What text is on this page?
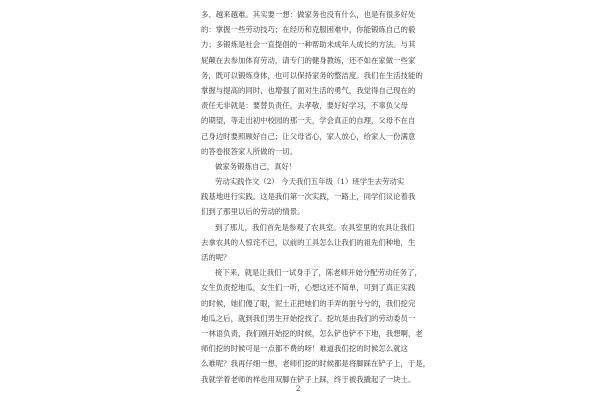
多、越来越难。其实要一想：做家务也没有什么，也是有很多好处
的：掌握一些劳动技巧；在经历和克服困难中，你能锻炼自己的毅
力；多锻炼是社会一直提倡的一种帮助未成年人成长的方法。与其
屁颠在去参加体育劳动，请专门的健身教练，还不如在家做一些家
务，既可以锻炼身体，也可以保持家务的整洁度。我们在生活技能的
掌握与提高的同时，也增强了面对生活的勇气，我觉得自己现在的
责任无非就是：要替负责任，去孝敬，要好好学习，不辜负父母
的期望，等走出初中校园的那一天，学会真正的自理，父母不在自
己身边时要照顾好自己；让父母省心，家人放心，给家人一份满意
的答卷报答家人所做的一切。
做家务锻炼自己，真好！
劳动实践作文（2） 今天我们五年级（1）班学生去劳动实
践基地进行实践。这是我们第一次实践，一路上，同学们议论着我
们到了那里以后的劳动的情景。
到了那儿，我们首先是参观了农具室。农具室里的农具让我们
去拿农具的人惊诧不已，以前的工具怎么让我们的祖先们种地，生
活的呢？
接下来，就是让我们一试身手了，陈老师开始分配劳动任务了，
女生负责挖地瓜，女生们一听，心想这还不简单，可到了真正实践
的时候，她们傻了眼，泥土正把她们的手弄的脏兮兮的，我们挖完
地瓜之后，就到我们男生开始挖找了。挖坑是由我们的劳动委员一
一林语负责，我们刚开始挖的时候，怎么铲也铲不下地，我想啊，老
师们挖的时候可是一点都不费的呀！难道我们挖的时候怎么就这
么难呢？我再仔细一想，老师们挖的时候都是将脚踩在铲子上，于是，
我就学着老师的样也用双脚在铲子上踩，终于被我撬起了一块土。
2
